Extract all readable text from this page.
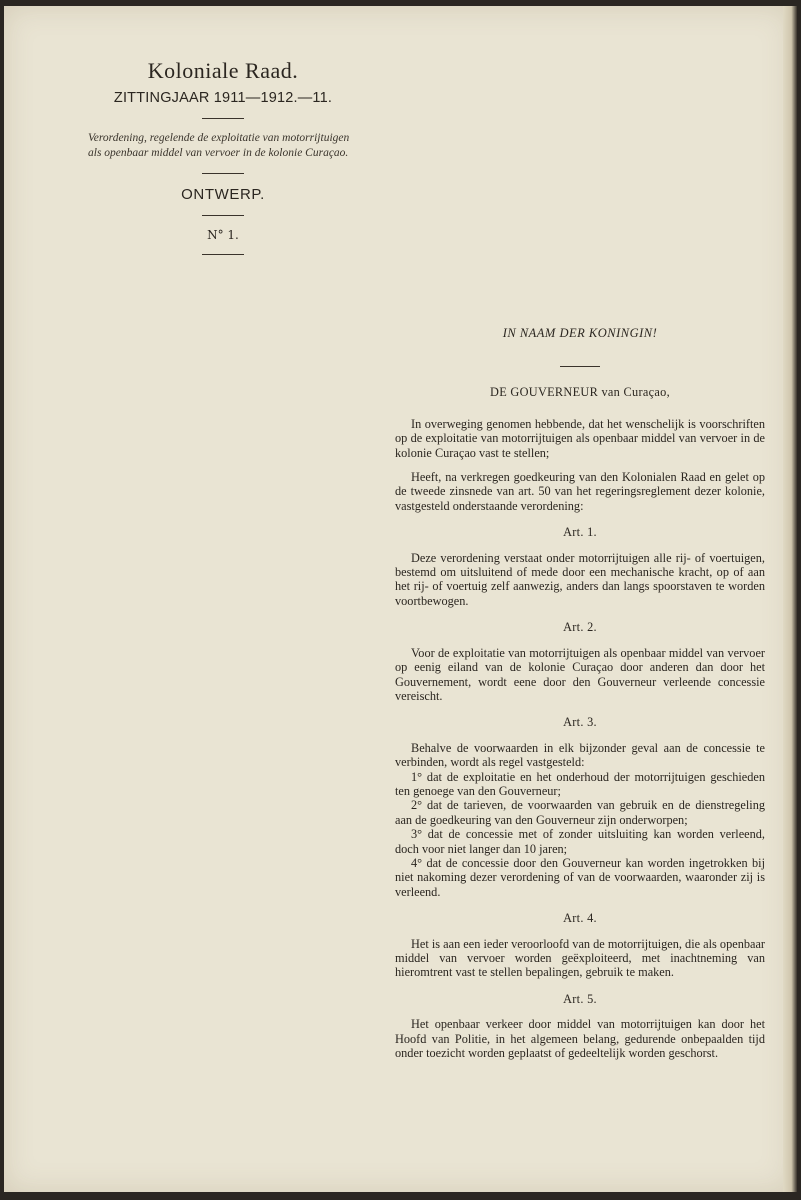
Koloniale Raad.

ZITTINGJAAR 1911—1912.—11.

Verordening, regelende de exploitatie van motorrijtuigen als openbaar middel van vervoer in de kolonie Curaçao.

ONTWERP.

N° 1.

IN NAAM DER KONINGIN!

DE GOUVERNEUR van Curaçao,

In overweging genomen hebbende, dat het wenschelijk is voorschriften op de exploitatie van motorrijtuigen als openbaar middel van vervoer in de kolonie Curaçao vast te stellen;

Heeft, na verkregen goedkeuring van den Kolonialen Raad en gelet op de tweede zinsnede van art. 50 van het regeringsreglement dezer kolonie, vastgesteld onderstaande verordening:

Art. 1.

Deze verordening verstaat onder motorrijtuigen alle rij- of voertuigen, bestemd om uitsluitend of mede door een mechanische kracht, op of aan het rij- of voertuig zelf aanwezig, anders dan langs spoorstaven te worden voortbewogen.

Art. 2.

Voor de exploitatie van motorrijtuigen als openbaar middel van vervoer op eenig eiland van de kolonie Curaçao door anderen dan door het Gouvernement, wordt eene door den Gouverneur verleende concessie vereischt.

Art. 3.

Behalve de voorwaarden in elk bijzonder geval aan de concessie te verbinden, wordt als regel vastgesteld:

1° dat de exploitatie en het onderhoud der motorrijtuigen geschieden ten genoege van den Gouverneur;

2° dat de tarieven, de voorwaarden van gebruik en de dienstregeling aan de goedkeuring van den Gouverneur zijn onderworpen;

3° dat de concessie met of zonder uitsluiting kan worden verleend, doch voor niet langer dan 10 jaren;

4° dat de concessie door den Gouverneur kan worden ingetrokken bij niet nakoming dezer verordening of van de voorwaarden, waaronder zij is verleend.

Art. 4.

Het is aan een ieder veroorloofd van de motorrijtuigen, die als openbaar middel van vervoer worden geëxploiteerd, met inachtneming van hieromtrent vast te stellen bepalingen, gebruik te maken.

Art. 5.

Het openbaar verkeer door middel van motorrijtuigen kan door het Hoofd van Politie, in het algemeen belang, gedurende onbepaalden tijd onder toezicht worden geplaatst of gedeeltelijk worden geschorst.
